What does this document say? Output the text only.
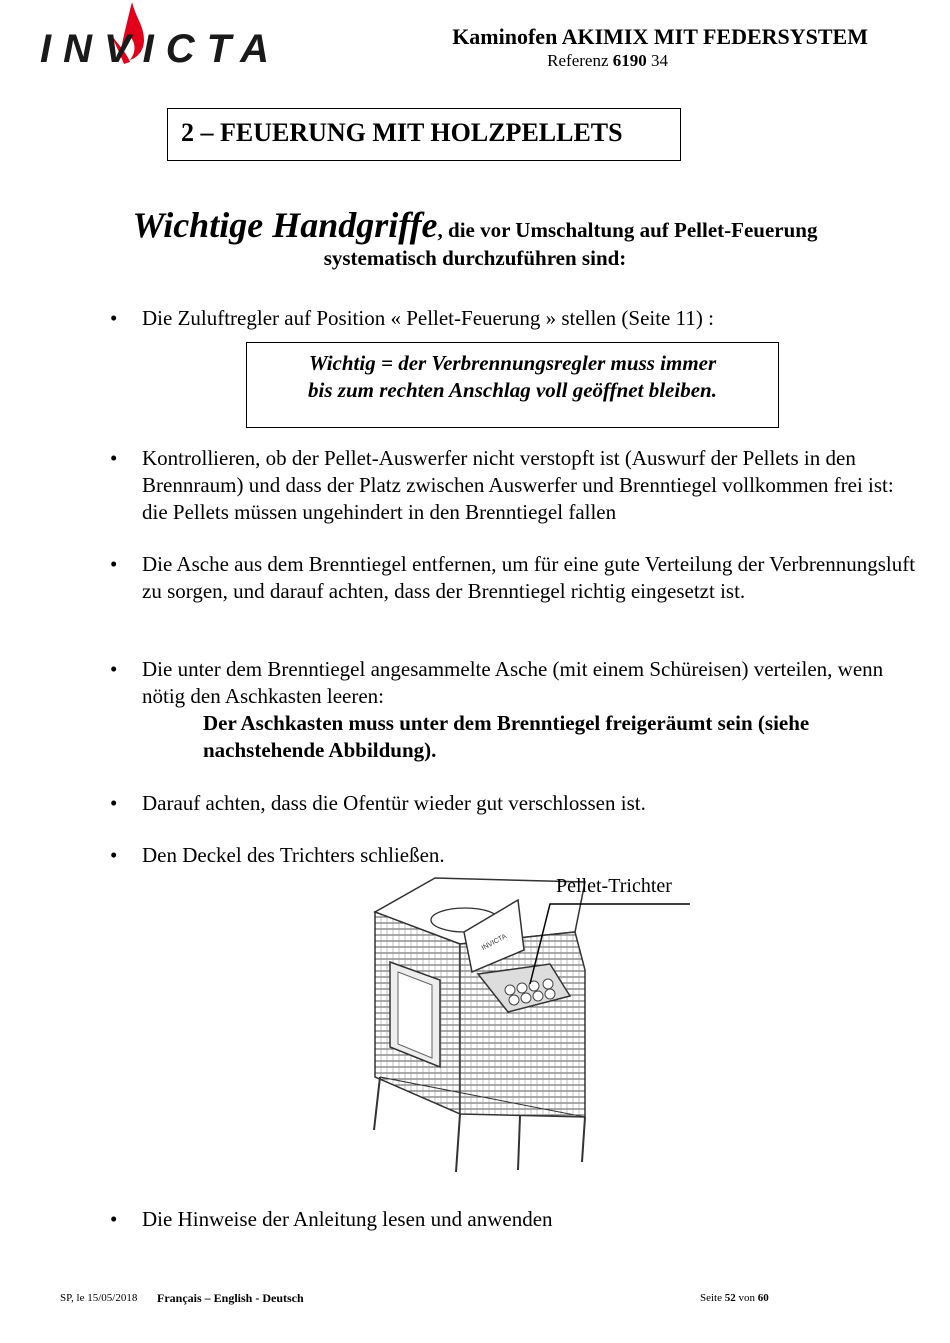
INVICTA	Kaminofen AKIMIX MIT FEDERSYSTEM
Referenz 6190 34
2 – FEUERUNG MIT HOLZPELLETS
Wichtige Handgriffe, die vor Umschaltung auf Pellet-Feuerung
systematisch durchzuführen sind:
•	Die Zuluftregler auf Position « Pellet-Feuerung » stellen (Seite 11) :
Wichtig = der Verbrennungsregler muss immer
bis zum rechten Anschlag voll geöffnet bleiben.
•	Kontrollieren, ob der Pellet-Auswerfer nicht verstopft ist (Auswurf der Pellets in den Brennraum) und dass der Platz zwischen Auswerfer und Brenntiegel vollkommen frei ist: die Pellets müssen ungehindert in den Brenntiegel fallen
•	Die Asche aus dem Brenntiegel entfernen, um für eine gute Verteilung der Verbrennungsluft zu sorgen, und darauf achten, dass der Brenntiegel richtig eingesetzt ist.
•	Die unter dem Brenntiegel angesammelte Asche (mit einem Schüreisen) verteilen, wenn nötig den Aschkasten leeren:
Der Aschkasten muss unter dem Brenntiegel freigeräumt sein (siehe nachstehende Abbildung).
•	Darauf achten, dass die Ofentür wieder gut verschlossen ist.
•	Den Deckel des Trichters schließen.
INVICTA
Pellet-Trichter
•	Die Hinweise der Anleitung lesen und anwenden
SP, le 15/05/2018 Français – English - Deutsch	Seite 52 von 60
